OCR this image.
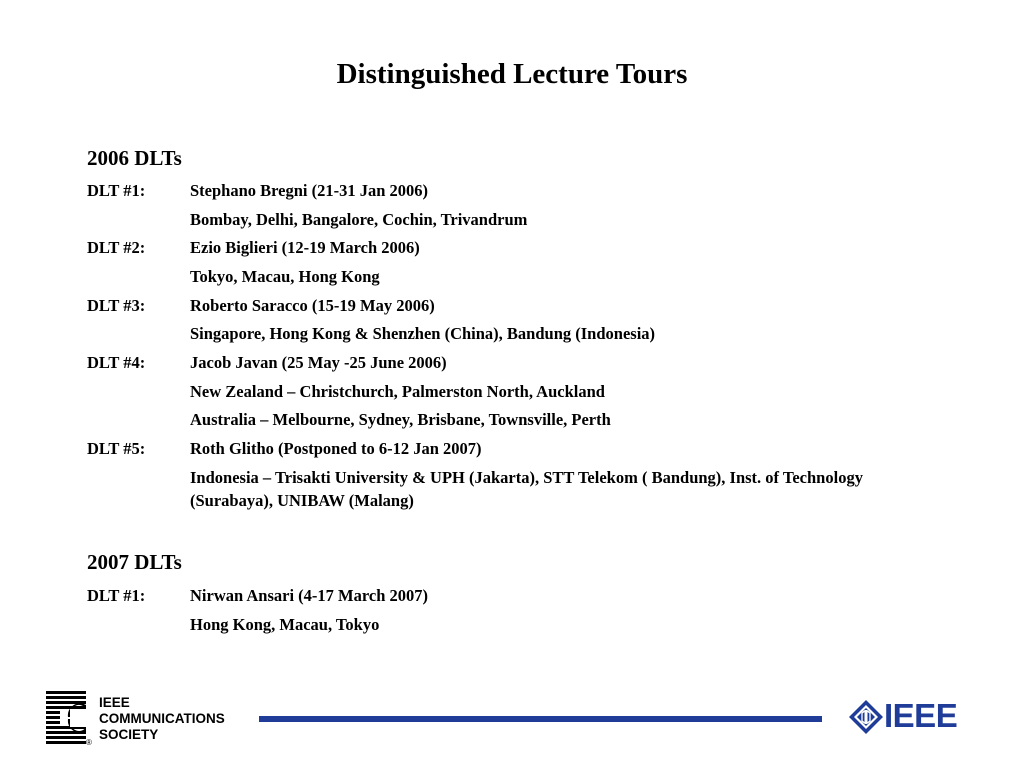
Distinguished Lecture Tours
2006 DLTs
DLT #1:	Stephano Bregni (21-31 Jan 2006)
Bombay, Delhi, Bangalore, Cochin, Trivandrum
DLT #2:	Ezio Biglieri (12-19 March 2006)
Tokyo, Macau, Hong Kong
DLT #3:	Roberto Saracco (15-19 May 2006)
Singapore, Hong Kong & Shenzhen (China), Bandung (Indonesia)
DLT #4:	Jacob Javan (25 May -25 June 2006)
New Zealand – Christchurch, Palmerston North, Auckland
Australia – Melbourne, Sydney, Brisbane, Townsville, Perth
DLT #5:	Roth Glitho (Postponed to 6-12 Jan 2007)
Indonesia – Trisakti University & UPH (Jakarta), STT Telekom ( Bandung), Inst. of Technology (Surabaya), UNIBAW (Malang)
2007 DLTs
DLT #1:	Nirwan Ansari (4-17 March 2007)
Hong Kong, Macau, Tokyo
®
IEEE
COMMUNICATIONS
SOCIETY
IEEE
